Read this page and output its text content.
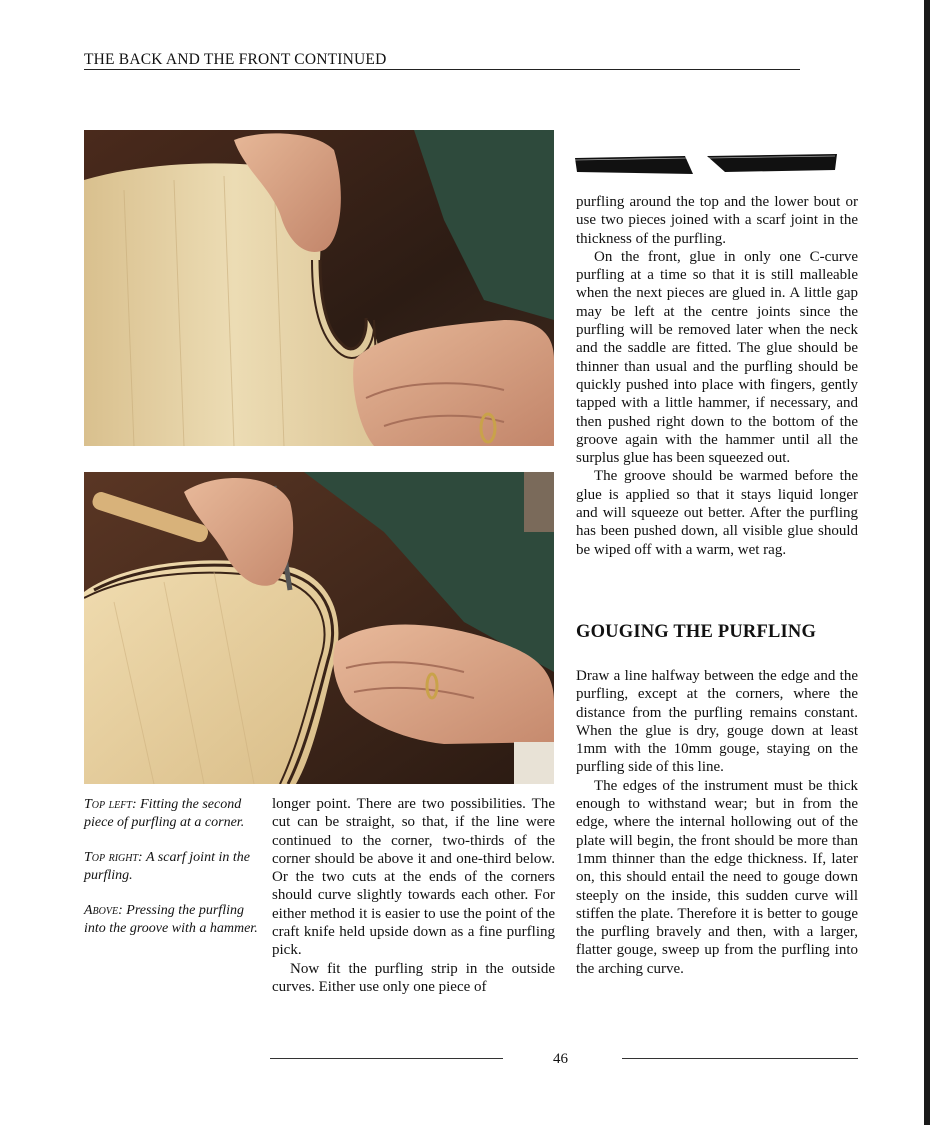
THE BACK AND THE FRONT CONTINUED

Top left: Fitting the second piece of purfling at a corner.

Top right: A scarf joint in the purfling.

Above: Pressing the purfling into the groove with a hammer.

longer point. There are two possibilities. The cut can be straight, so that, if the line were continued to the corner, two-thirds of the corner should be above it and one-third below. Or the two cuts at the ends of the corners should curve slightly towards each other. For either method it is easier to use the point of the craft knife held upside down as a fine purfling pick.

Now fit the purfling strip in the outside curves. Either use only one piece of

purfling around the top and the lower bout or use two pieces joined with a scarf joint in the thickness of the purfling.

On the front, glue in only one C-curve purfling at a time so that it is still malleable when the next pieces are glued in. A little gap may be left at the centre joints since the purfling will be removed later when the neck and the saddle are fitted. The glue should be thinner than usual and the purfling should be quickly pushed into place with fingers, gently tapped with a little hammer, if necessary, and then pushed right down to the bottom of the groove again with the hammer until all the surplus glue has been squeezed out.

The groove should be warmed before the glue is applied so that it stays liquid longer and will squeeze out better. After the purfling has been pushed down, all visible glue should be wiped off with a warm, wet rag.

GOUGING THE PURFLING

Draw a line halfway between the edge and the purfling, except at the corners, where the distance from the purfling remains constant. When the glue is dry, gouge down at least 1mm with the 10mm gouge, staying on the purfling side of this line.

The edges of the instrument must be thick enough to withstand wear; but in from the edge, where the internal hollowing out of the plate will begin, the front should be more than 1mm thinner than the edge thickness. If, later on, this should entail the need to gouge down steeply on the inside, this sudden curve will stiffen the plate. Therefore it is better to gouge the purfling bravely and then, with a larger, flatter gouge, sweep up from the purfling into the arching curve.

46
